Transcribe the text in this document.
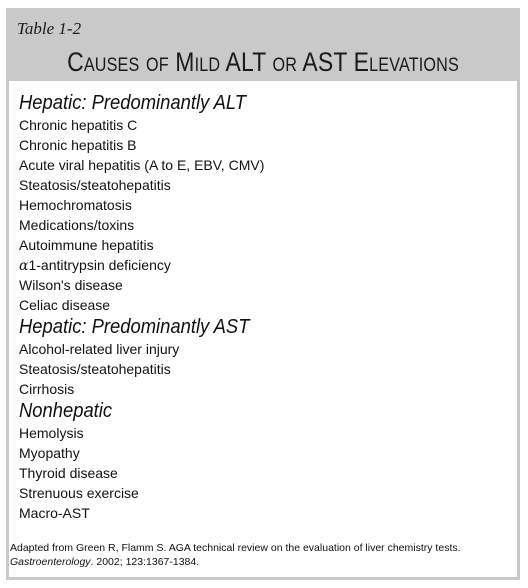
Table 1-2
Causes of Mild ALT or AST Elevations
Hepatic: Predominantly ALT
Chronic hepatitis C
Chronic hepatitis B
Acute viral hepatitis (A to E, EBV, CMV)
Steatosis/steatohepatitis
Hemochromatosis
Medications/toxins
Autoimmune hepatitis
α1-antitrypsin deficiency
Wilson's disease
Celiac disease
Hepatic: Predominantly AST
Alcohol-related liver injury
Steatosis/steatohepatitis
Cirrhosis
Nonhepatic
Hemolysis
Myopathy
Thyroid disease
Strenuous exercise
Macro-AST
Adapted from Green R, Flamm S. AGA technical review on the evaluation of liver chemistry tests. Gastroenterology. 2002; 123:1367-1384.
